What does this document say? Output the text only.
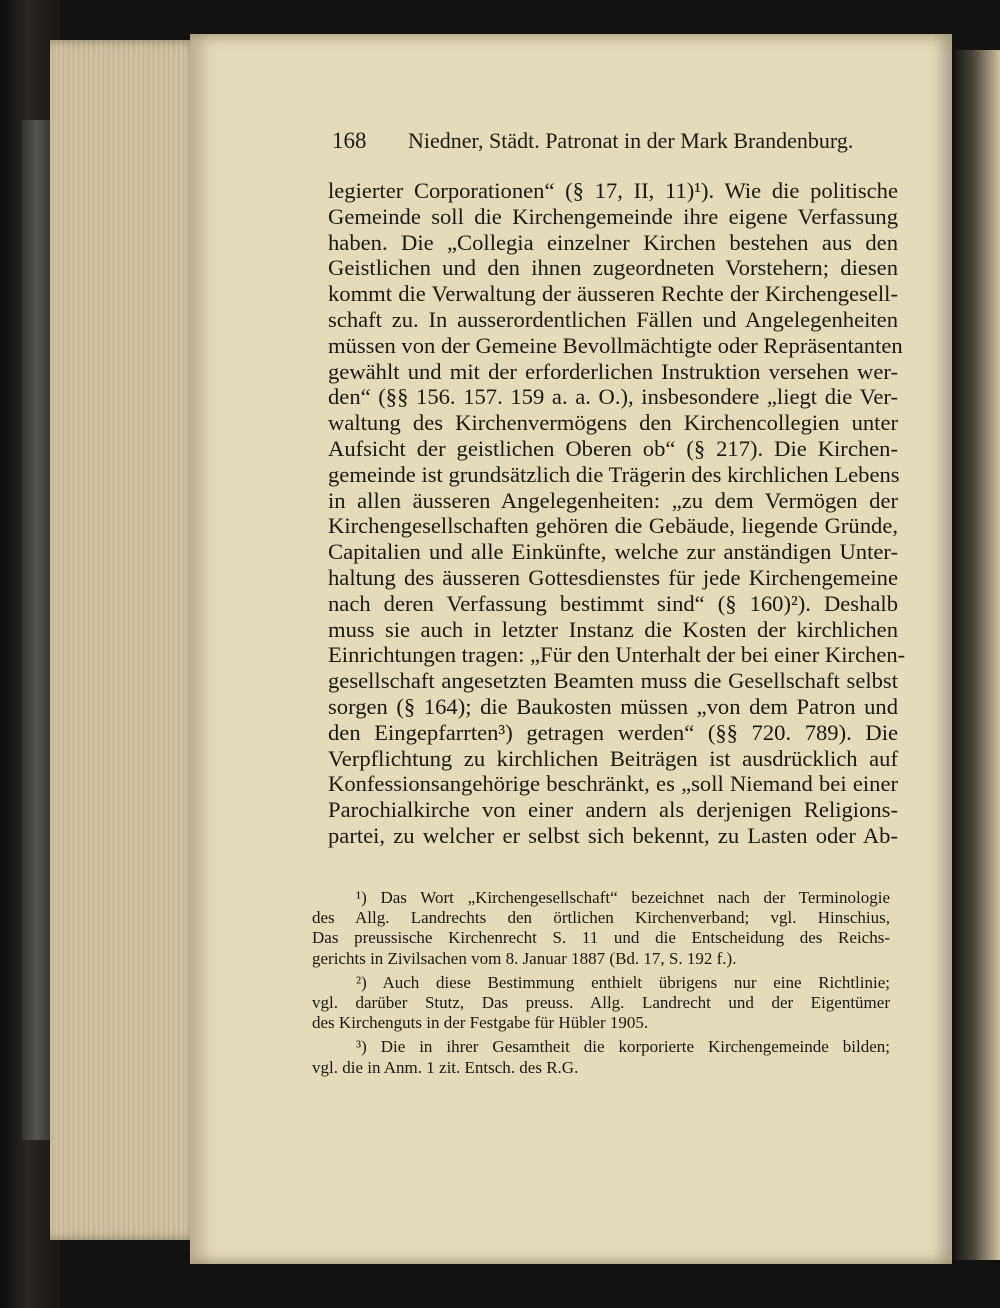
168 Niedner, Städt. Patronat in der Mark Brandenburg.
legierter Corporationen“ (§ 17, II, 11)¹). Wie die politische
Gemeinde soll die Kirchengemeinde ihre eigene Verfassung
haben. Die „Collegia einzelner Kirchen bestehen aus den
Geistlichen und den ihnen zugeordneten Vorstehern; diesen
kommt die Verwaltung der äusseren Rechte der Kirchengesell-
schaft zu. In ausserordentlichen Fällen und Angelegenheiten
müssen von der Gemeine Bevollmächtigte oder Repräsentanten
gewählt und mit der erforderlichen Instruktion versehen wer-
den“ (§§ 156. 157. 159 a. a. O.), insbesondere „liegt die Ver-
waltung des Kirchenvermögens den Kirchencollegien unter
Aufsicht der geistlichen Oberen ob“ (§ 217). Die Kirchen-
gemeinde ist grundsätzlich die Trägerin des kirchlichen Lebens
in allen äusseren Angelegenheiten: „zu dem Vermögen der
Kirchengesellschaften gehören die Gebäude, liegende Gründe,
Capitalien und alle Einkünfte, welche zur anständigen Unter-
haltung des äusseren Gottesdienstes für jede Kirchengemeine
nach deren Verfassung bestimmt sind“ (§ 160)²). Deshalb
muss sie auch in letzter Instanz die Kosten der kirchlichen
Einrichtungen tragen: „Für den Unterhalt der bei einer Kirchen-
gesellschaft angesetzten Beamten muss die Gesellschaft selbst
sorgen (§ 164); die Baukosten müssen „von dem Patron und
den Eingepfarrten³) getragen werden“ (§§ 720. 789). Die
Verpflichtung zu kirchlichen Beiträgen ist ausdrücklich auf
Konfessionsangehörige beschränkt, es „soll Niemand bei einer
Parochialkirche von einer andern als derjenigen Religions-
partei, zu welcher er selbst sich bekennt, zu Lasten oder Ab-
¹) Das Wort „Kirchengesellschaft“ bezeichnet nach der Terminologie
des Allg. Landrechts den örtlichen Kirchenverband; vgl. Hinschius,
Das preussische Kirchenrecht S. 11 und die Entscheidung des Reichs-
gerichts in Zivilsachen vom 8. Januar 1887 (Bd. 17, S. 192 f.).
²) Auch diese Bestimmung enthielt übrigens nur eine Richtlinie;
vgl. darüber Stutz, Das preuss. Allg. Landrecht und der Eigentümer
des Kirchenguts in der Festgabe für Hübler 1905.
³) Die in ihrer Gesamtheit die korporierte Kirchengemeinde bilden;
vgl. die in Anm. 1 zit. Entsch. des R.G.
